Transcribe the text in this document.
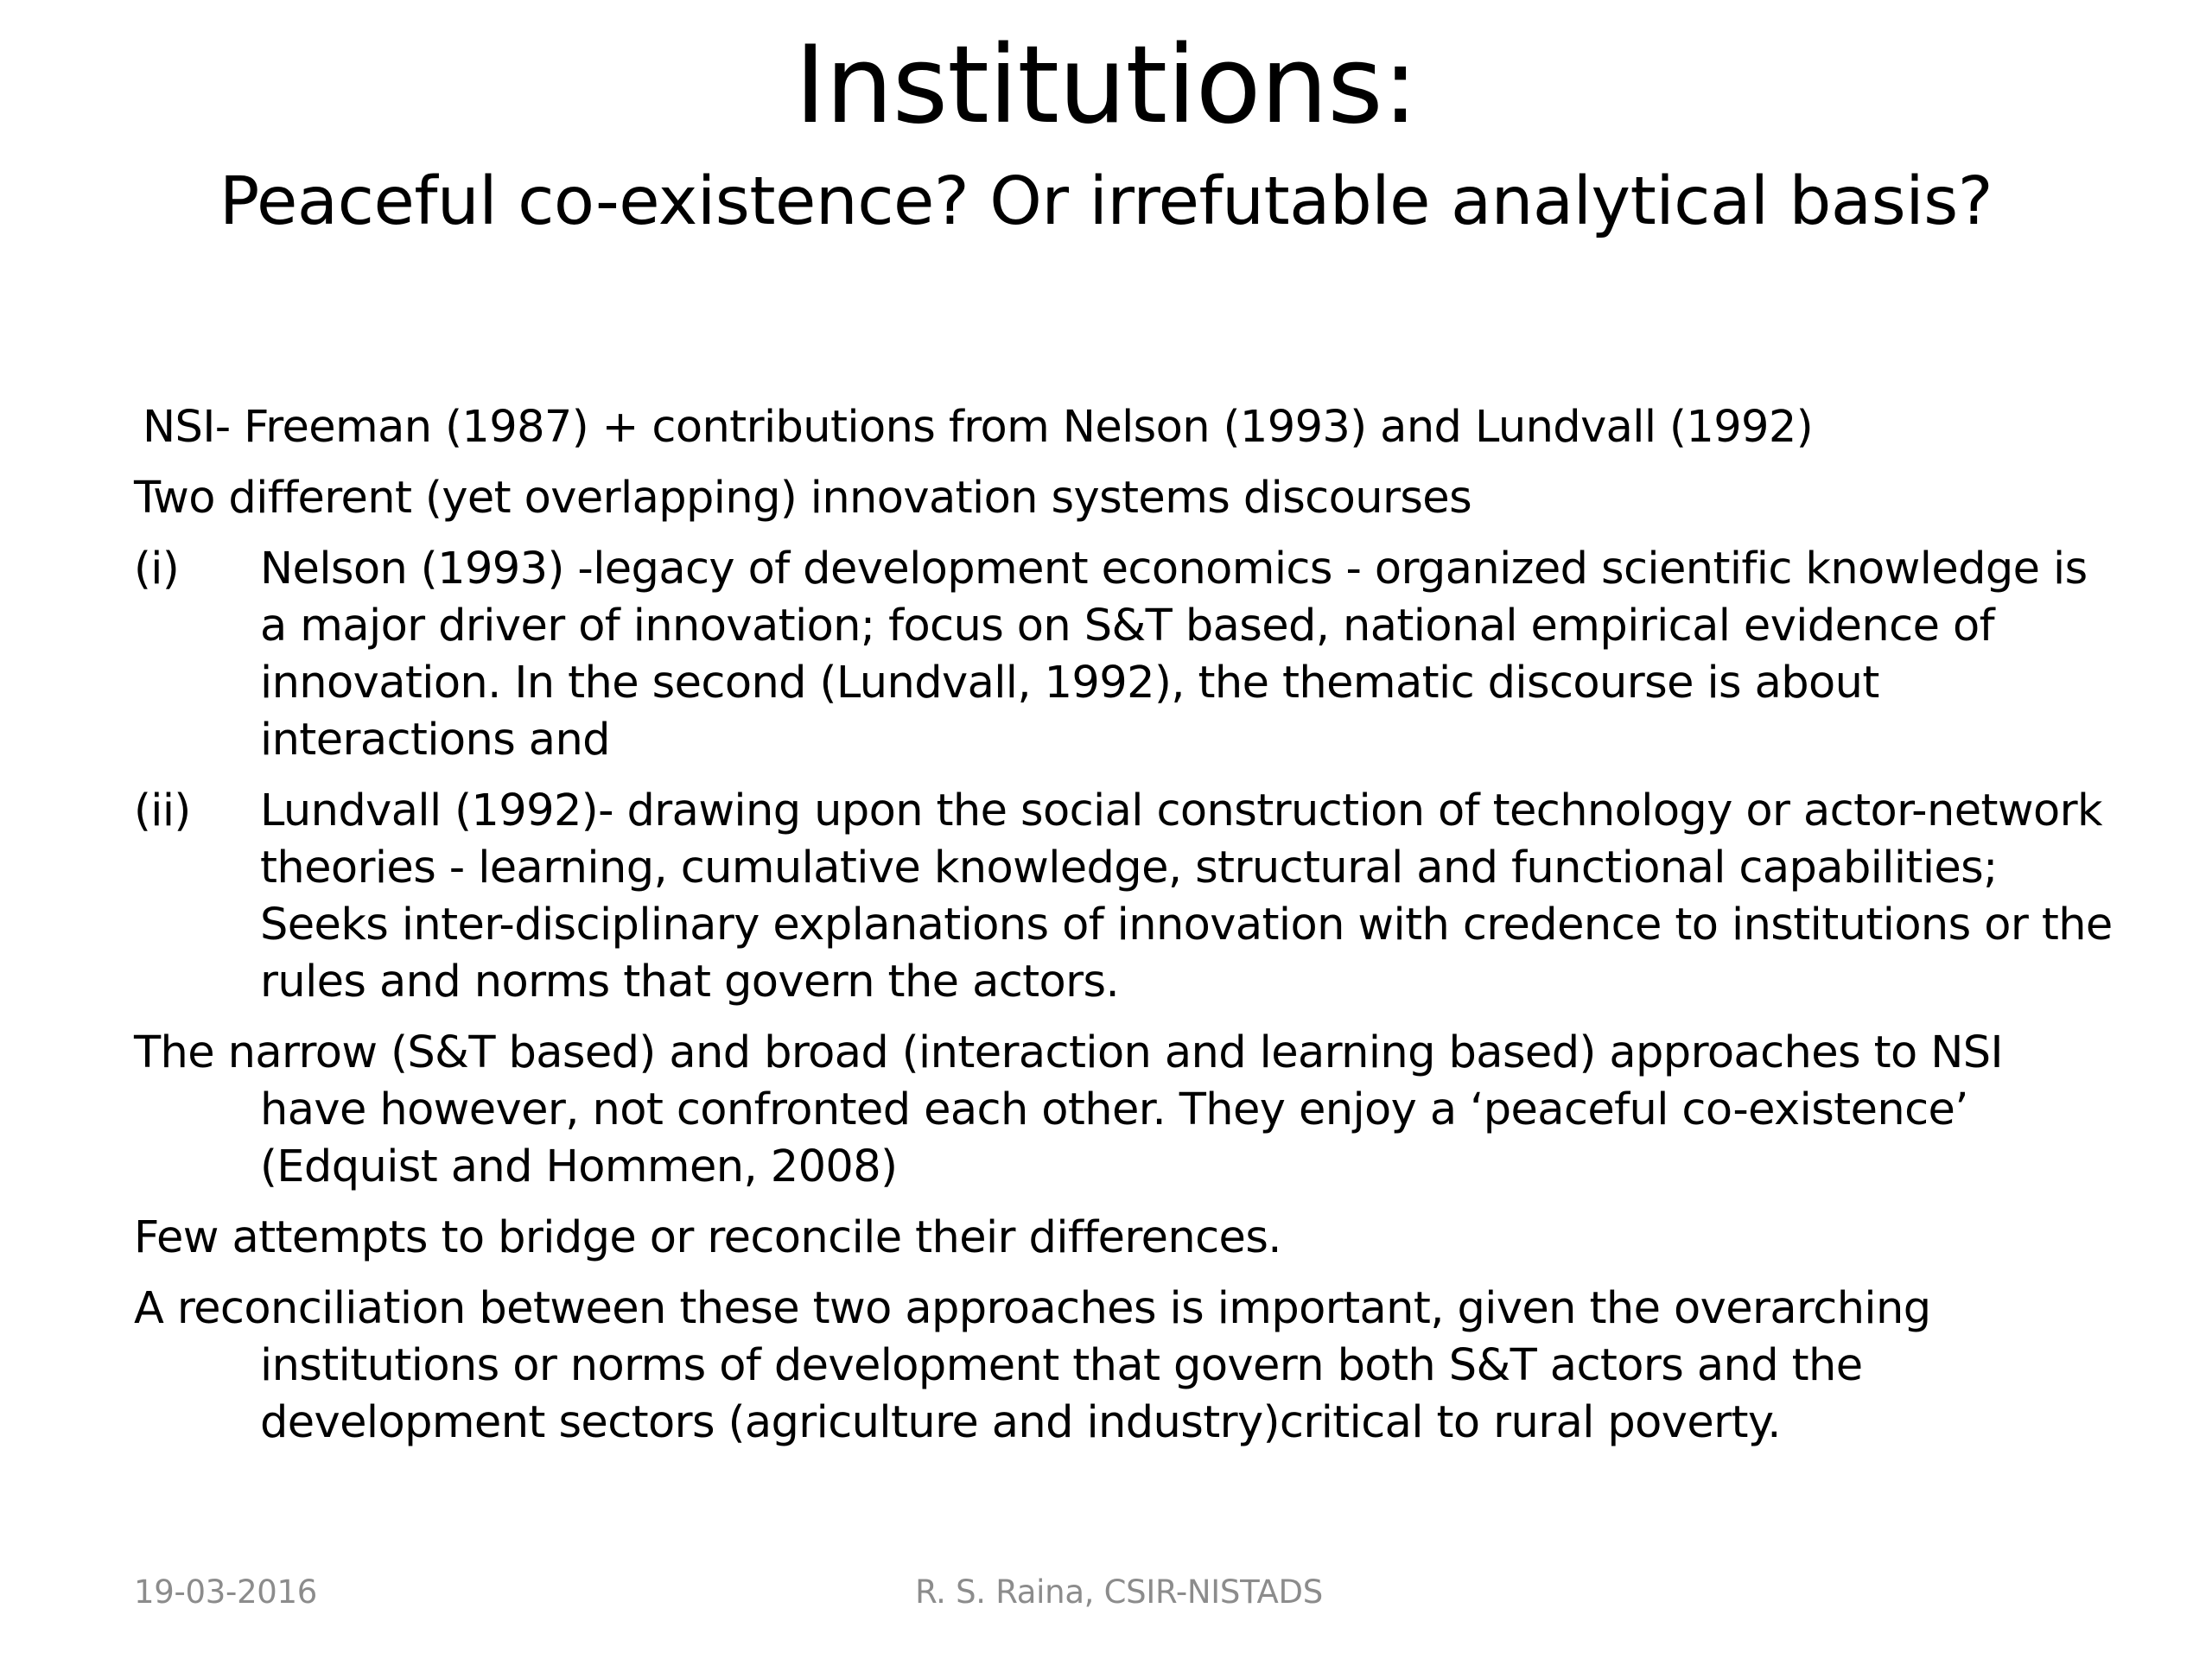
Institutions:
Peaceful co-existence? Or irrefutable analytical basis?

NSI- Freeman (1987) + contributions from Nelson (1993) and Lundvall (1992)

Two different (yet overlapping) innovation systems discourses

(i) Nelson (1993) -legacy of development economics - organized scientific knowledge is a major driver of innovation; focus on S&T based, national empirical evidence of innovation. In the second (Lundvall, 1992), the thematic discourse is about interactions and
(ii) Lundvall (1992)- drawing upon the social construction of technology or actor-network theories - learning, cumulative knowledge, structural and functional capabilities; Seeks inter-disciplinary explanations of innovation with credence to institutions or the rules and norms that govern the actors.

The narrow (S&T based) and broad (interaction and learning based) approaches to NSI have however, not confronted each other. They enjoy a ‘peaceful co-existence’ (Edquist and Hommen, 2008)

Few attempts to bridge or reconcile their differences.

A reconciliation between these two approaches is important, given the overarching institutions or norms of development that govern both S&T actors and the development sectors (agriculture and industry)critical to rural poverty.

19-03-2016	R. S. Raina, CSIR-NISTADS
